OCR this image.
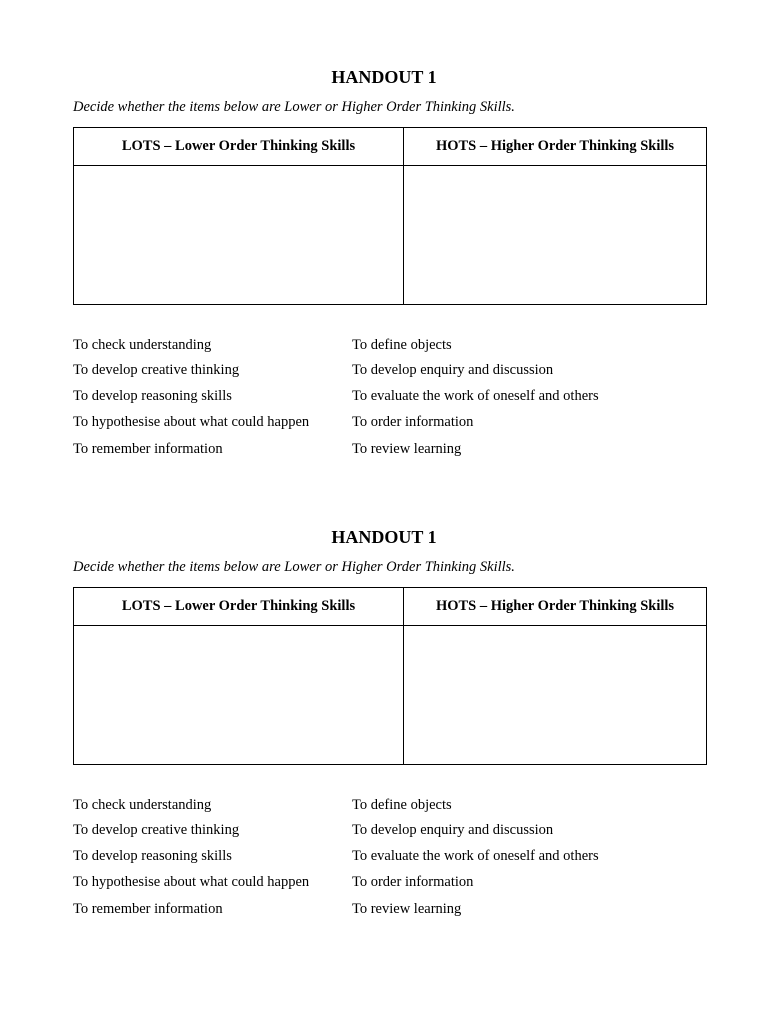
HANDOUT 1
Decide whether the items below are Lower or Higher Order Thinking Skills.
LOTS – Lower Order Thinking Skills	HOTS – Higher Order Thinking Skills

To check understanding
To develop creative thinking
To develop reasoning skills
To hypothesise about what could happen
To remember information
To define objects
To develop enquiry and discussion
To evaluate the work of oneself and others
To order information
To review learning
HANDOUT 1
Decide whether the items below are Lower or Higher Order Thinking Skills.
LOTS – Lower Order Thinking Skills	HOTS – Higher Order Thinking Skills

To check understanding
To develop creative thinking
To develop reasoning skills
To hypothesise about what could happen
To remember information
To define objects
To develop enquiry and discussion
To evaluate the work of oneself and others
To order information
To review learning
